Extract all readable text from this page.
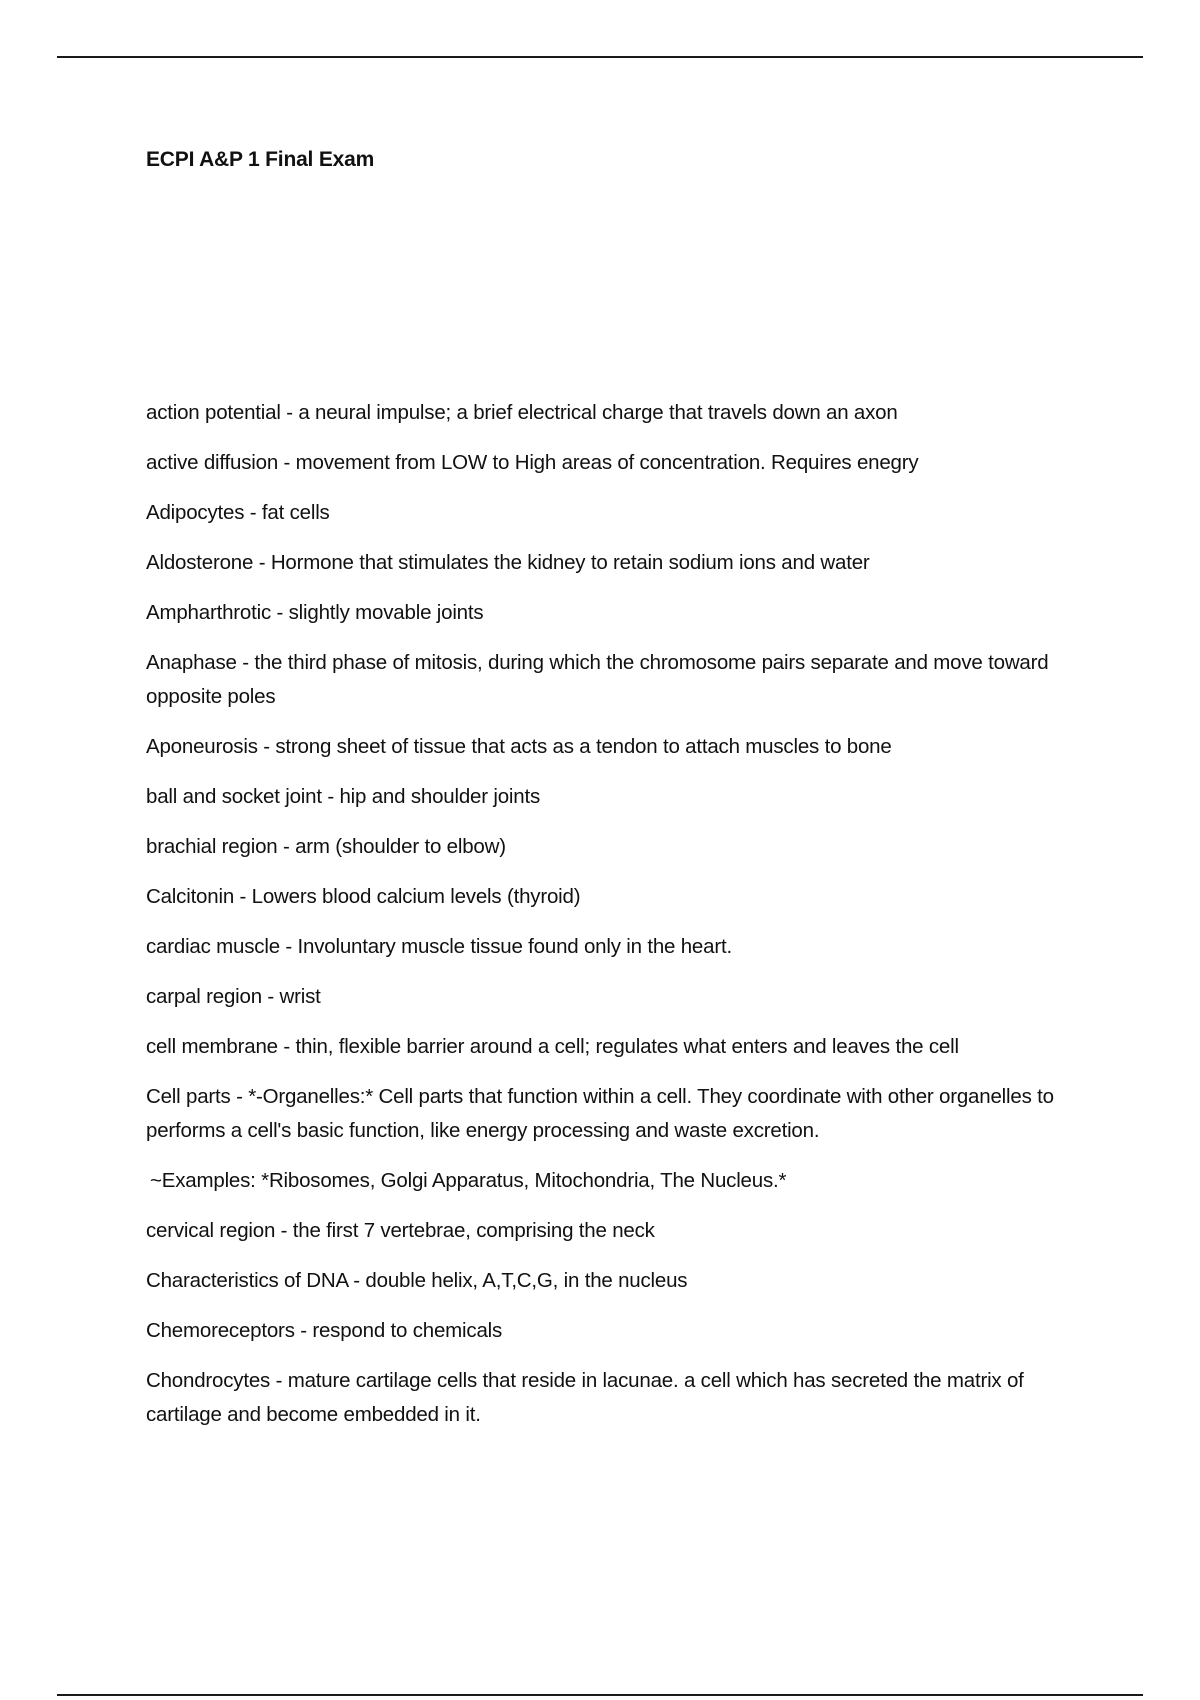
ECPI A&P 1 Final Exam
action potential - a neural impulse; a brief electrical charge that travels down an axon
active diffusion - movement from LOW to High areas of concentration. Requires enegry
Adipocytes - fat cells
Aldosterone - Hormone that stimulates the kidney to retain sodium ions and water
Ampharthrotic - slightly movable joints
Anaphase - the third phase of mitosis, during which the chromosome pairs separate and move toward opposite poles
Aponeurosis - strong sheet of tissue that acts as a tendon to attach muscles to bone
ball and socket joint - hip and shoulder joints
brachial region - arm (shoulder to elbow)
Calcitonin - Lowers blood calcium levels (thyroid)
cardiac muscle - Involuntary muscle tissue found only in the heart.
carpal region - wrist
cell membrane - thin, flexible barrier around a cell; regulates what enters and leaves the cell
Cell parts - *-Organelles:* Cell parts that function within a cell. They coordinate with other organelles to performs a cell's basic function, like energy processing and waste excretion.
~Examples: *Ribosomes, Golgi Apparatus, Mitochondria, The Nucleus.*
cervical region - the first 7 vertebrae, comprising the neck
Characteristics of DNA - double helix, A,T,C,G, in the nucleus
Chemoreceptors - respond to chemicals
Chondrocytes - mature cartilage cells that reside in lacunae. a cell which has secreted the matrix of cartilage and become embedded in it.
